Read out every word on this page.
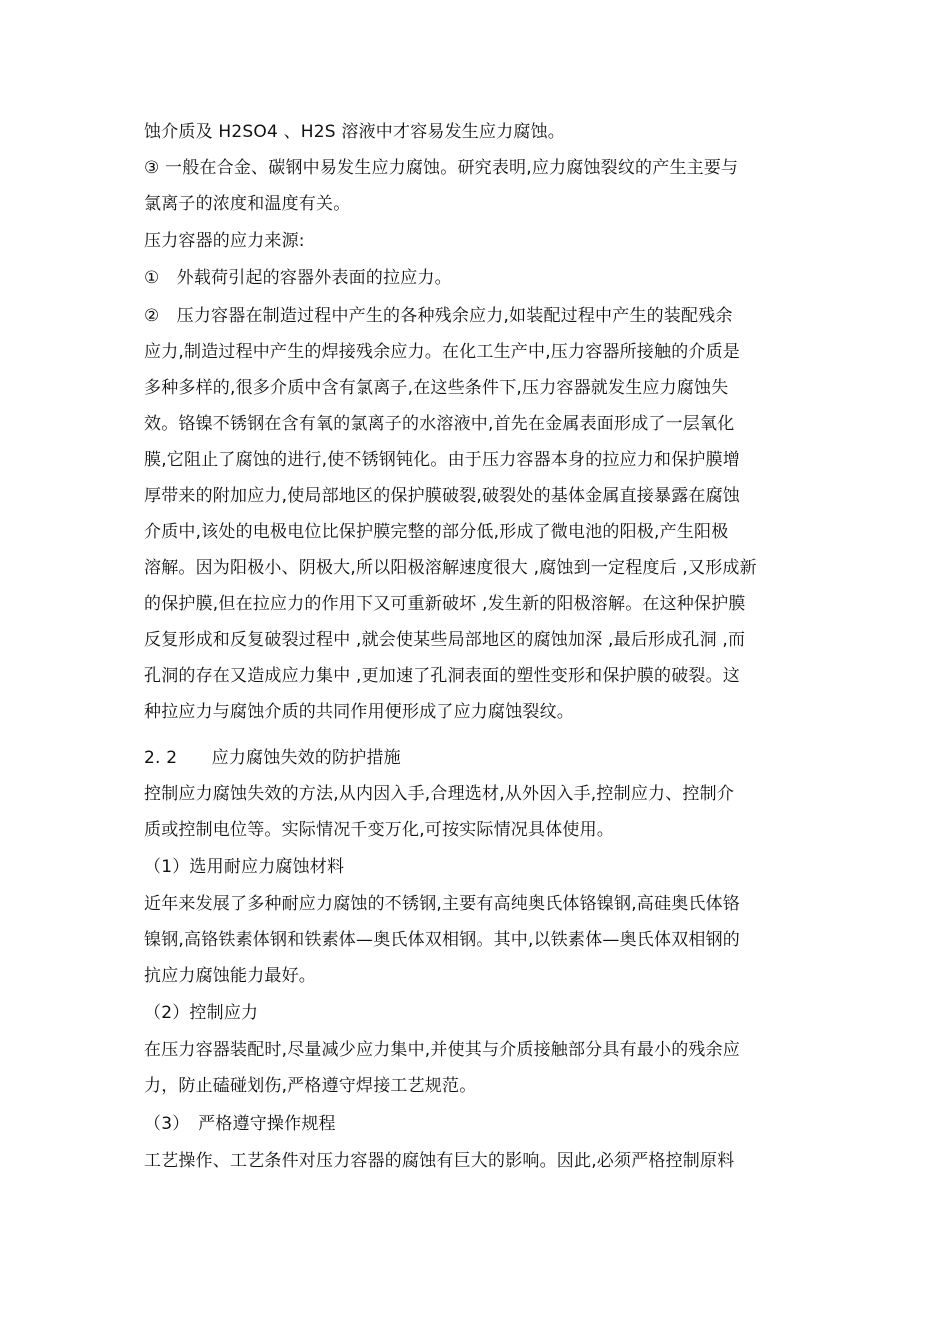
蚀介质及 H2SO4 、H2S 溶液中才容易发生应力腐蚀。
③ 一般在合金、碳钢中易发生应力腐蚀。研究表明,应力腐蚀裂纹的产生主要与
氯离子的浓度和温度有关。
压力容器的应力来源:
①　外载荷引起的容器外表面的拉应力。
②　压力容器在制造过程中产生的各种残余应力,如装配过程中产生的装配残余
应力,制造过程中产生的焊接残余应力。在化工生产中,压力容器所接触的介质是
多种多样的,很多介质中含有氯离子,在这些条件下,压力容器就发生应力腐蚀失
效。铬镍不锈钢在含有氧的氯离子的水溶液中,首先在金属表面形成了一层氧化
膜,它阻止了腐蚀的进行,使不锈钢钝化。由于压力容器本身的拉应力和保护膜增
厚带来的附加应力,使局部地区的保护膜破裂,破裂处的基体金属直接暴露在腐蚀
介质中,该处的电极电位比保护膜完整的部分低,形成了微电池的阳极,产生阳极
溶解。因为阳极小、阴极大,所以阳极溶解速度很大 ,腐蚀到一定程度后 ,又形成新
的保护膜,但在拉应力的作用下又可重新破坏 ,发生新的阳极溶解。在这种保护膜
反复形成和反复破裂过程中 ,就会使某些局部地区的腐蚀加深 ,最后形成孔洞 ,而
孔洞的存在又造成应力集中 ,更加速了孔洞表面的塑性变形和保护膜的破裂。这
种拉应力与腐蚀介质的共同作用便形成了应力腐蚀裂纹。
2. 2　　应力腐蚀失效的防护措施
控制应力腐蚀失效的方法,从内因入手,合理选材,从外因入手,控制应力、控制介
质或控制电位等。实际情况千变万化,可按实际情况具体使用。
（1）选用耐应力腐蚀材料
近年来发展了多种耐应力腐蚀的不锈钢,主要有高纯奥氏体铬镍钢,高硅奥氏体铬
镍钢,高铬铁素体钢和铁素体—奥氏体双相钢。其中,以铁素体—奥氏体双相钢的
抗应力腐蚀能力最好。
（2）控制应力
在压力容器装配时,尽量减少应力集中,并使其与介质接触部分具有最小的残余应
力，防止磕碰划伤,严格遵守焊接工艺规范。
（3）　严格遵守操作规程
工艺操作、工艺条件对压力容器的腐蚀有巨大的影响。因此,必须严格控制原料
